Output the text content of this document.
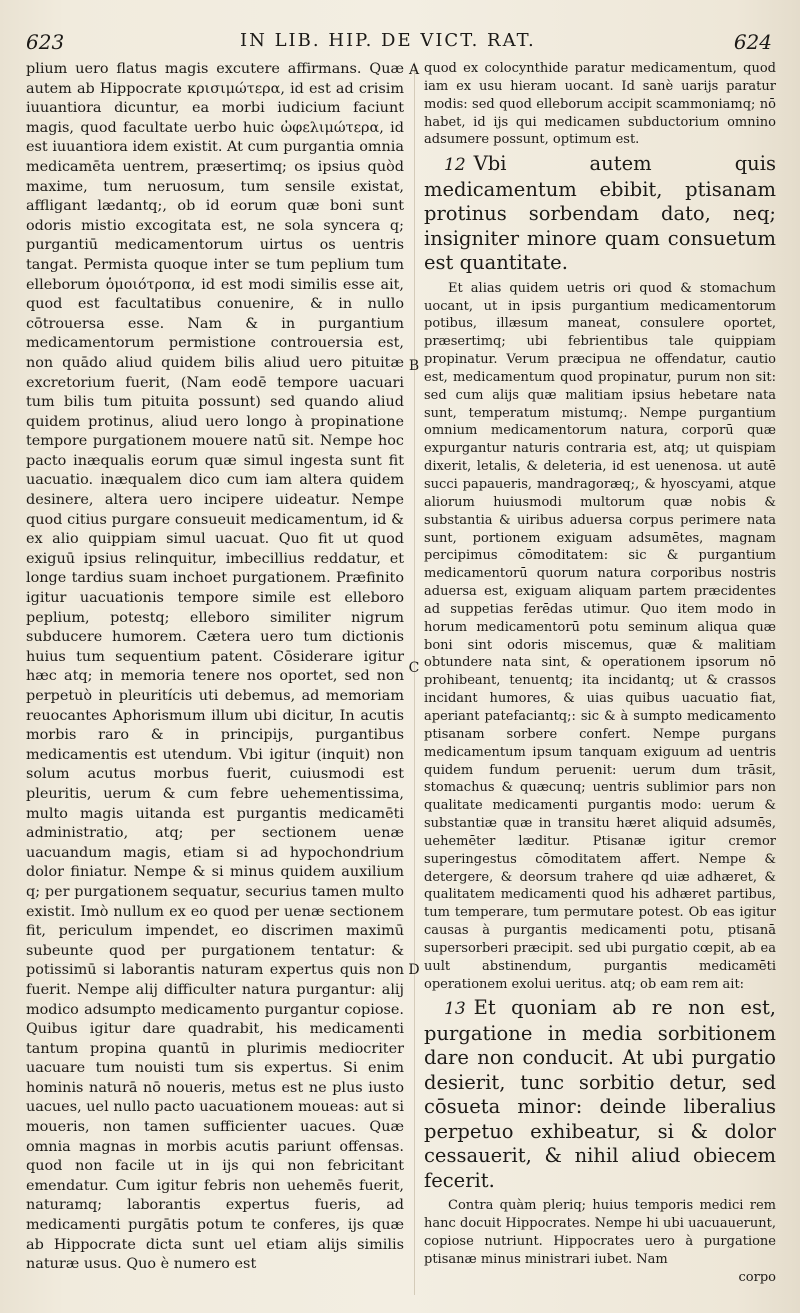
623	IN LIB. HIP. DE VICT. RAT.	624
A
B
C
D

plium uero flatus magis excutere affirmans. Quæ autem ab Hippocrate κρισιμώτερα, id est ad crisim iuuantiora dicuntur, ea morbi iudicium faciunt magis, quod facultate uerbo huic ὠφελιμώτερα, id est iuuantiora idem existit. At cum purgantia omnia medicamēta uentrem, præsertimq; os ipsius quòd maxime, tum neruosum, tum sensile existat, affligant lædantq;, ob id eorum quæ boni sunt odoris mistio excogitata est, ne sola syncera q; purgantiū medicamentorum uirtus os uentris tangat. Permista quoque inter se tum peplium tum elleborum ὁμοιότροπα, id est modi similis esse ait, quod est facultatibus conuenire, & in nullo cōtrouersa esse. Nam & in purgantium medicamentorum permistione controuersia est, non quādo aliud quidem bilis aliud uero pituitæ excretorium fuerit, (Nam eodē tempore uacuari tum bilis tum pituita possunt) sed quando aliud quidem protinus, aliud uero longo à propinatione tempore purgationem mouere natū sit. Nempe hoc pacto inæqualis eorum quæ simul ingesta sunt fit uacuatio. inæqualem dico cum iam altera quidem desinere, altera uero incipere uideatur. Nempe quod citius purgare consueuit medicamentum, id & ex alio quippiam simul uacuat. Quo fit ut quod exiguū ipsius relinquitur, imbecillius reddatur, et longe tardius suam inchoet purgationem. Præfinito igitur uacuationis tempore simile est elleboro peplium, potestq; elleboro similiter nigrum subducere humorem. Cætera uero tum dictionis huius tum sequentium patent. Cōsiderare igitur hæc atq; in memoria tenere nos oportet, sed non perpetuò in pleuritícis uti debemus, ad memoriam reuocantes Aphorismum illum ubi dicitur, In acutis morbis raro & in principijs, purgantibus medicamentis est utendum. Vbi igitur (inquit) non solum acutus morbus fuerit, cuiusmodi est pleuritis, uerum & cum febre uehementissima, multo magis uitanda est purgantis medicamēti administratio, atq; per sectionem uenæ uacuandum magis, etiam si ad hypochondrium dolor finiatur. Nempe & si minus quidem auxilium q; per purgationem sequatur, securius tamen multo existit. Imò nullum ex eo quod per uenæ sectionem fit, periculum impendet, eo discrimen maximū subeunte quod per purgationem tentatur: & potissimū si laborantis naturam expertus quis non fuerit. Nempe alij difficulter natura purgantur: alij modico adsumpto medicamento purgantur copiose. Quibus igitur dare quadrabit, his medicamenti tantum propina quantū in plurimis mediocriter uacuare tum nouisti tum sis expertus. Si enim hominis naturā nō noueris, metus est ne plus iusto uacues, uel nullo pacto uacuationem moueas: aut si moueris, non tamen sufficienter uacues. Quæ omnia magnas in morbis acutis pariunt offensas. quod non facile ut in ijs qui non febricitant emendatur. Cum igitur febris non uehemēs fuerit, naturamq; laborantis expertus fueris, ad medicamenti purgātis potum te conferes, ijs quæ ab Hippocrate dicta sunt uel etiam alijs similis naturæ usus. Quo è numero est

quod ex colocynthide paratur medicamentum, quod iam ex usu hieram uocant. Id sanè uarijs paratur modis: sed quod elleborum accipit scammoniamq; nō habet, id ijs qui medicamen subductorium omnino adsumere possunt, optimum est.

12 Vbi autem quis medicamentum ebibit, ptisanam protinus sorbendam dato, neq; insigniter minore quam consuetum est quantitate.

Et alias quidem uetris ori quod & stomachum uocant, ut in ipsis purgantium medicamentorum potibus, illæsum maneat, consulere oportet, præsertimq; ubi febrientibus tale quippiam propinatur. Verum præcipua ne offendatur, cautio est, medicamentum quod propinatur, purum non sit: sed cum alijs quæ malitiam ipsius hebetare nata sunt, temperatum mistumq;. Nempe purgantium omnium medicamentorum natura, corporū quæ expurgantur naturis contraria est, atq; ut quispiam dixerit, letalis, & deleteria, id est uenenosa. ut autē succi papaueris, mandragoræq;, & hyoscyami, atque aliorum huiusmodi multorum quæ nobis & substantia & uiribus aduersa corpus perimere nata sunt, portionem exiguam adsumētes, magnam percipimus cōmoditatem: sic & purgantium medicamentorū quorum natura corporibus nostris aduersa est, exiguam aliquam partem præcidentes ad suppetias ferēdas utimur. Quo item modo in horum medicamentorū potu seminum aliqua quæ boni sint odoris miscemus, quæ & malitiam obtundere nata sint, & operationem ipsorum nō prohibeant, tenuentq; ita incidantq; ut & crassos incidant humores, & uias quibus uacuatio fiat, aperiant patefaciantq;: sic & à sumpto medicamento ptisanam sorbere confert. Nempe purgans medicamentum ipsum tanquam exiguum ad uentris quidem fundum peruenit: uerum dum trāsit, stomachus & quæcunq; uentris sublimior pars non qualitate medicamenti purgantis modo: uerum & substantiæ quæ in transitu hæret aliquid adsumēs, uehemēter læditur. Ptisanæ igitur cremor superingestus cōmoditatem affert. Nempe & detergere, & deorsum trahere qd uiæ adhæret, & qualitatem medicamenti quod his adhæret partibus, tum temperare, tum permutare potest. Ob eas igitur causas à purgantis medicamenti potu, ptisanā supersorberi præcipit. sed ubi purgatio cœpit, ab ea uult abstinendum, purgantis medicamēti operationem exolui ueritus. atq; ob eam rem ait:

13 Et quoniam ab re non est, purgatione in media sorbitionem dare non conducit. At ubi purgatio desierit, tunc sorbitio detur, sed cōsueta minor: deinde liberalius perpetuo exhibeatur, si & dolor cessauerit, & nihil aliud obiecem fecerit.

Contra quàm pleriq; huius temporis medici rem hanc docuit Hippocrates. Nempe hi ubi uacuauerunt, copiose nutriunt. Hippocrates uero à purgatione ptisanæ minus ministrari iubet. Nam

corpo
